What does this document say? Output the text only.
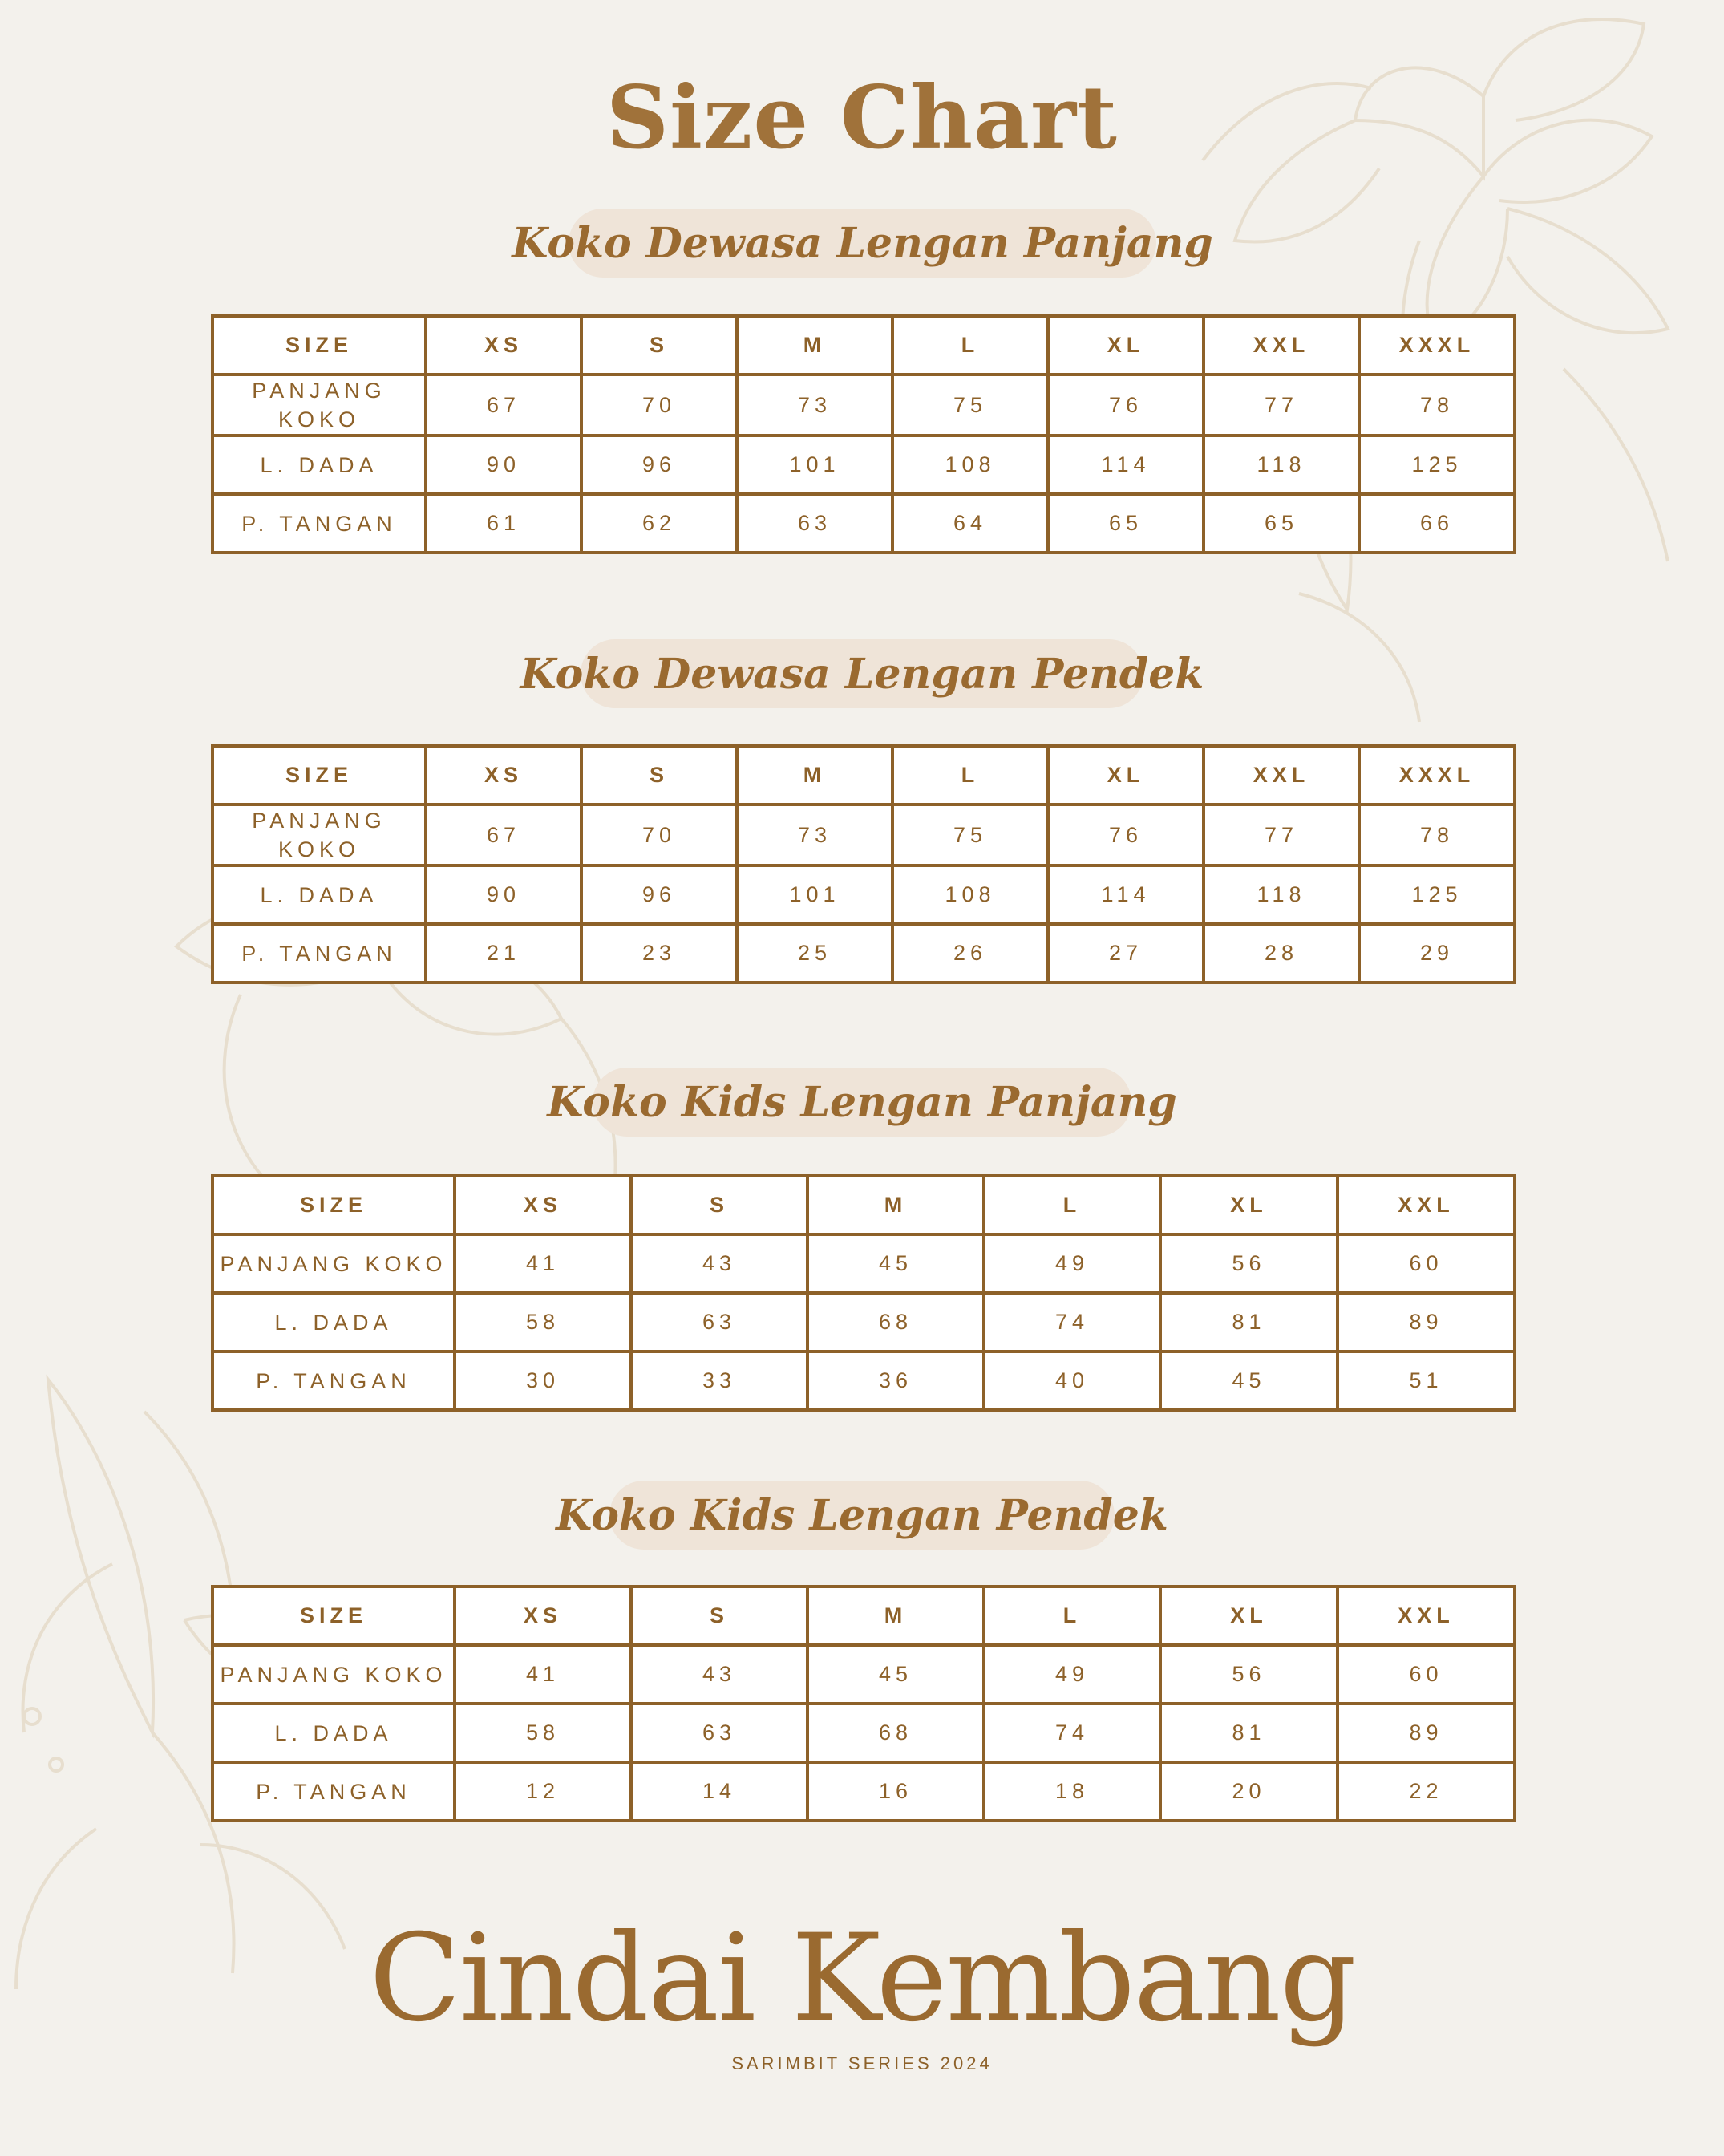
Size Chart
Koko Dewasa Lengan Panjang
SIZE	XS	S	M	L	XL	XXL	XXXL
PANJANG
KOKO	67	70	73	75	76	77	78
L. DADA	90	96	101	108	114	118	125
P. TANGAN	61	62	63	64	65	65	66
Koko Dewasa Lengan Pendek
SIZE	XS	S	M	L	XL	XXL	XXXL
PANJANG
KOKO	67	70	73	75	76	77	78
L. DADA	90	96	101	108	114	118	125
P. TANGAN	21	23	25	26	27	28	29
Koko Kids Lengan Panjang
SIZE	XS	S	M	L	XL	XXL
PANJANG KOKO	41	43	45	49	56	60
L. DADA	58	63	68	74	81	89
P. TANGAN	30	33	36	40	45	51
Koko Kids Lengan Pendek
SIZE	XS	S	M	L	XL	XXL
PANJANG KOKO	41	43	45	49	56	60
L. DADA	58	63	68	74	81	89
P. TANGAN	12	14	16	18	20	22
Cindai Kembang
SARIMBIT SERIES 2024
